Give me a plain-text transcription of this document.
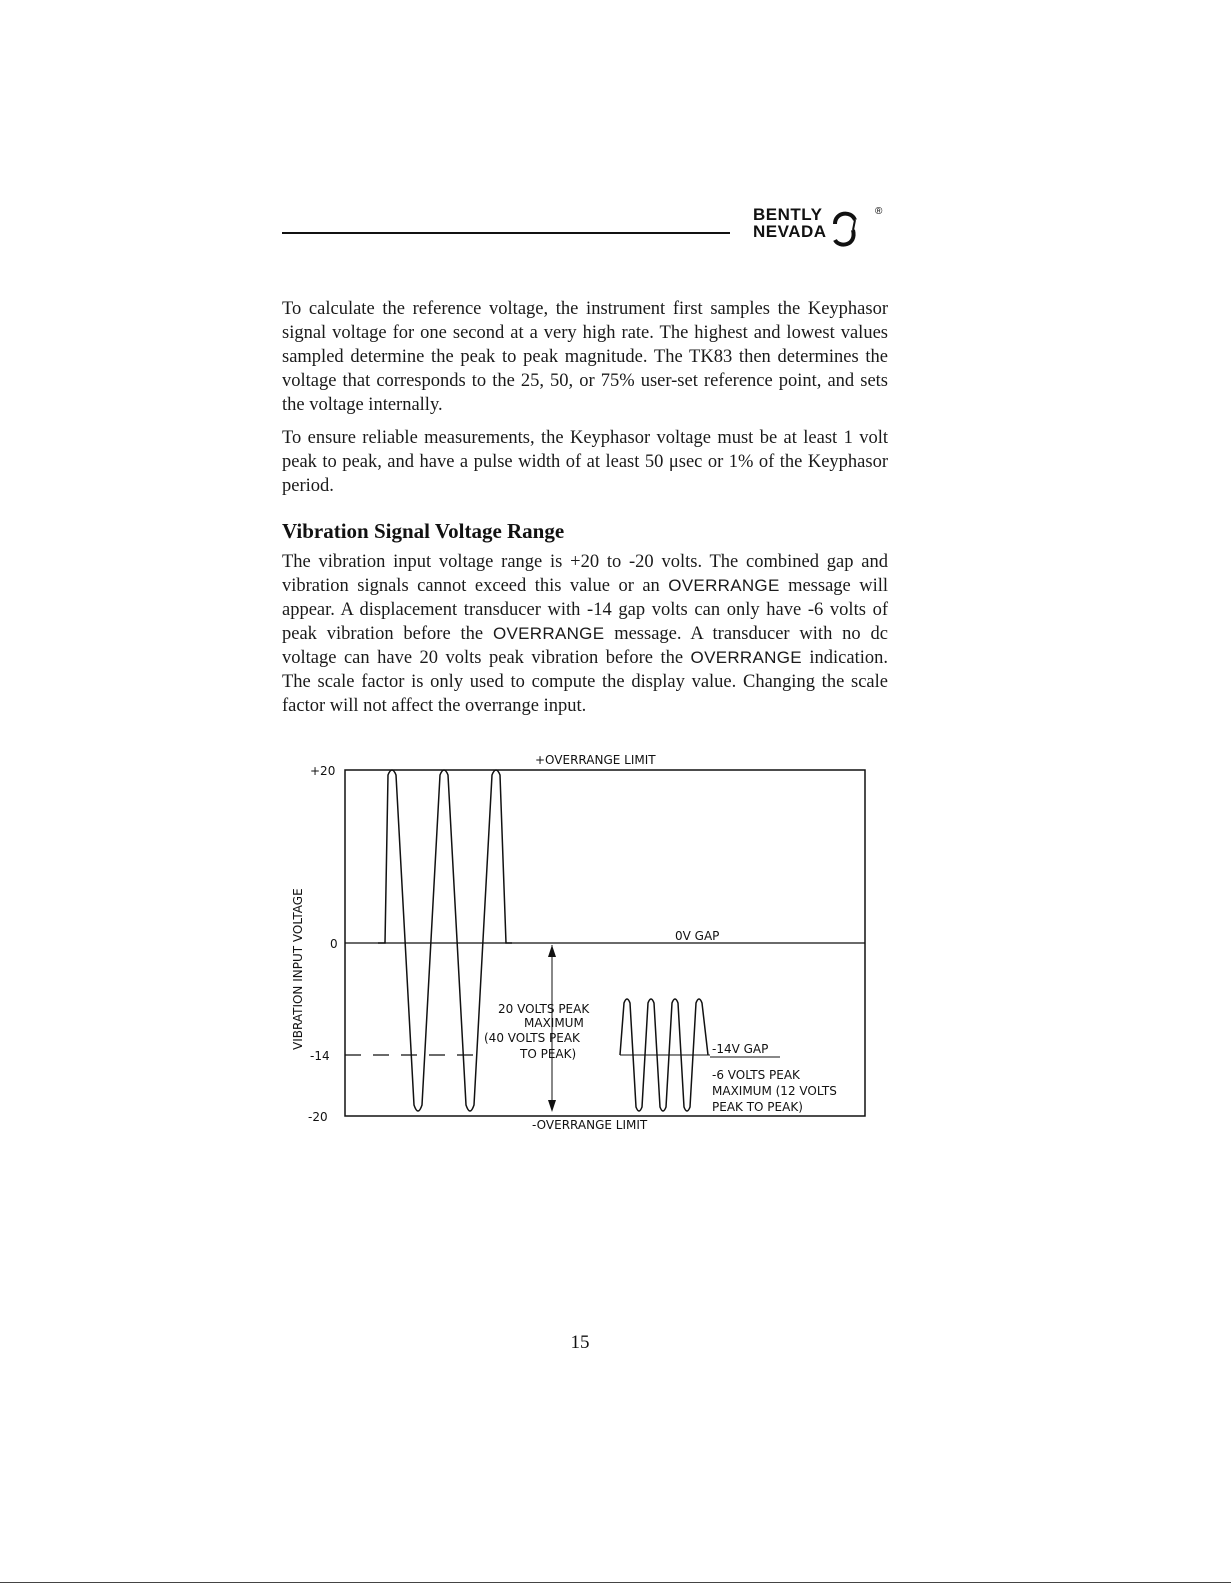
BENTLY
NEVADA
®

To calculate the reference voltage, the instrument first samples the Keyphasor signal voltage for one second at a very high rate. The highest and lowest values sampled determine the peak to peak magnitude. The TK83 then determines the voltage that corresponds to the 25, 50, or 75% user-set reference point, and sets the voltage internally.

To ensure reliable measurements, the Keyphasor voltage must be at least 1 volt peak to peak, and have a pulse width of at least 50 μsec or 1% of the Keyphasor period.

Vibration Signal Voltage Range

The vibration input voltage range is +20 to -20 volts. The combined gap and vibration signals cannot exceed this value or an OVERRANGE message will appear. A displacement transducer with -14 gap volts can only have -6 volts of peak vibration before the OVERRANGE message. A transducer with no dc voltage can have 20 volts peak vibration before the OVERRANGE indication. The scale factor is only used to compute the display value. Changing the scale factor will not affect the overrange input.

+20
0
-14
-20
VIBRATION INPUT VOLTAGE
+OVERRANGE LIMIT
-OVERRANGE LIMIT
0V GAP
-14V GAP
20 VOLTS PEAK
MAXIMUM
(40 VOLTS PEAK
TO PEAK)
-6 VOLTS PEAK
MAXIMUM (12 VOLTS
PEAK TO PEAK)
15
